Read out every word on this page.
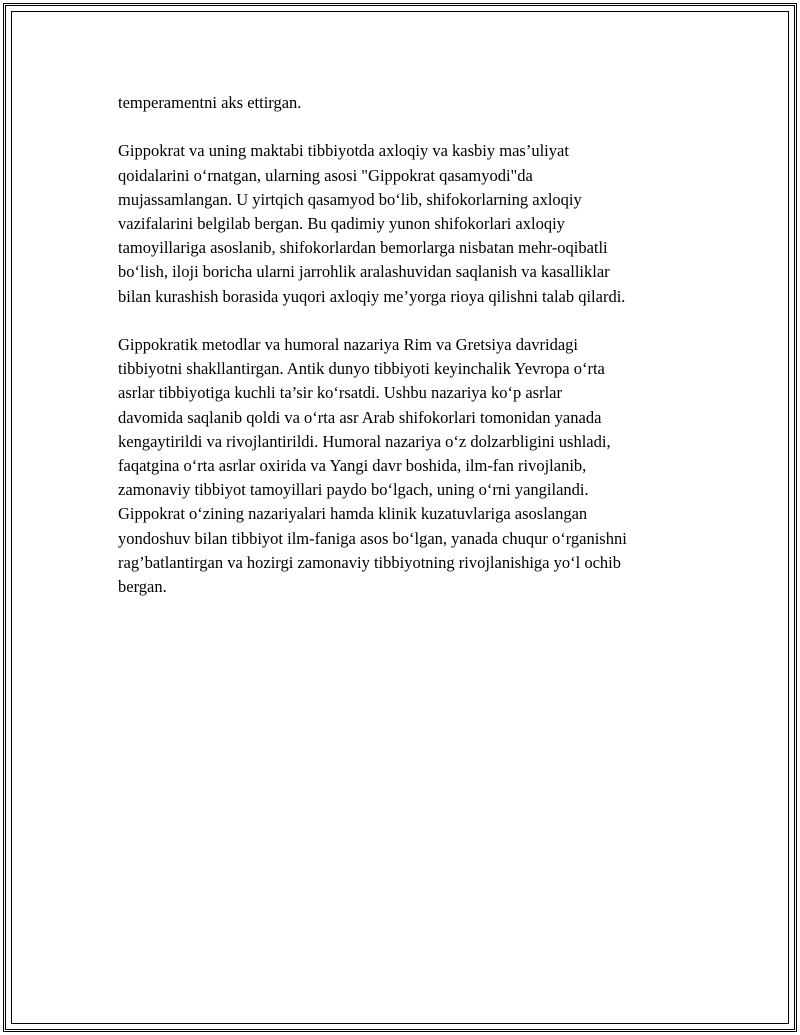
temperamentni aks ettirgan.

Gippokrat va uning maktabi tibbiyotda axloqiy va kasbiy mas’uliyat
qoidalarini o‘rnatgan, ularning asosi "Gippokrat qasamyodi"da
mujassamlangan. U yirtqich qasamyod bo‘lib, shifokorlarning axloqiy
vazifalarini belgilab bergan. Bu qadimiy yunon shifokorlari axloqiy
tamoyillariga asoslanib, shifokorlardan bemorlarga nisbatan mehr-oqibatli
bo‘lish, iloji boricha ularni jarrohlik aralashuvidan saqlanish va kasalliklar
bilan kurashish borasida yuqori axloqiy me’yorga rioya qilishni talab qilardi.

Gippokratik metodlar va humoral nazariya Rim va Gretsiya davridagi
tibbiyotni shakllantirgan. Antik dunyo tibbiyoti keyinchalik Yevropa o‘rta
asrlar tibbiyotiga kuchli ta’sir ko‘rsatdi. Ushbu nazariya ko‘p asrlar
davomida saqlanib qoldi va o‘rta asr Arab shifokorlari tomonidan yanada
kengaytirildi va rivojlantirildi. Humoral nazariya o‘z dolzarbligini ushladi,
faqatgina o‘rta asrlar oxirida va Yangi davr boshida, ilm-fan rivojlanib,
zamonaviy tibbiyot tamoyillari paydo bo‘lgach, uning o‘rni yangilandi.
Gippokrat o‘zining nazariyalari hamda klinik kuzatuvlariga asoslangan
yondoshuv bilan tibbiyot ilm-faniga asos bo‘lgan, yanada chuqur o‘rganishni
rag’batlantirgan va hozirgi zamonaviy tibbiyotning rivojlanishiga yo‘l ochib
bergan.
